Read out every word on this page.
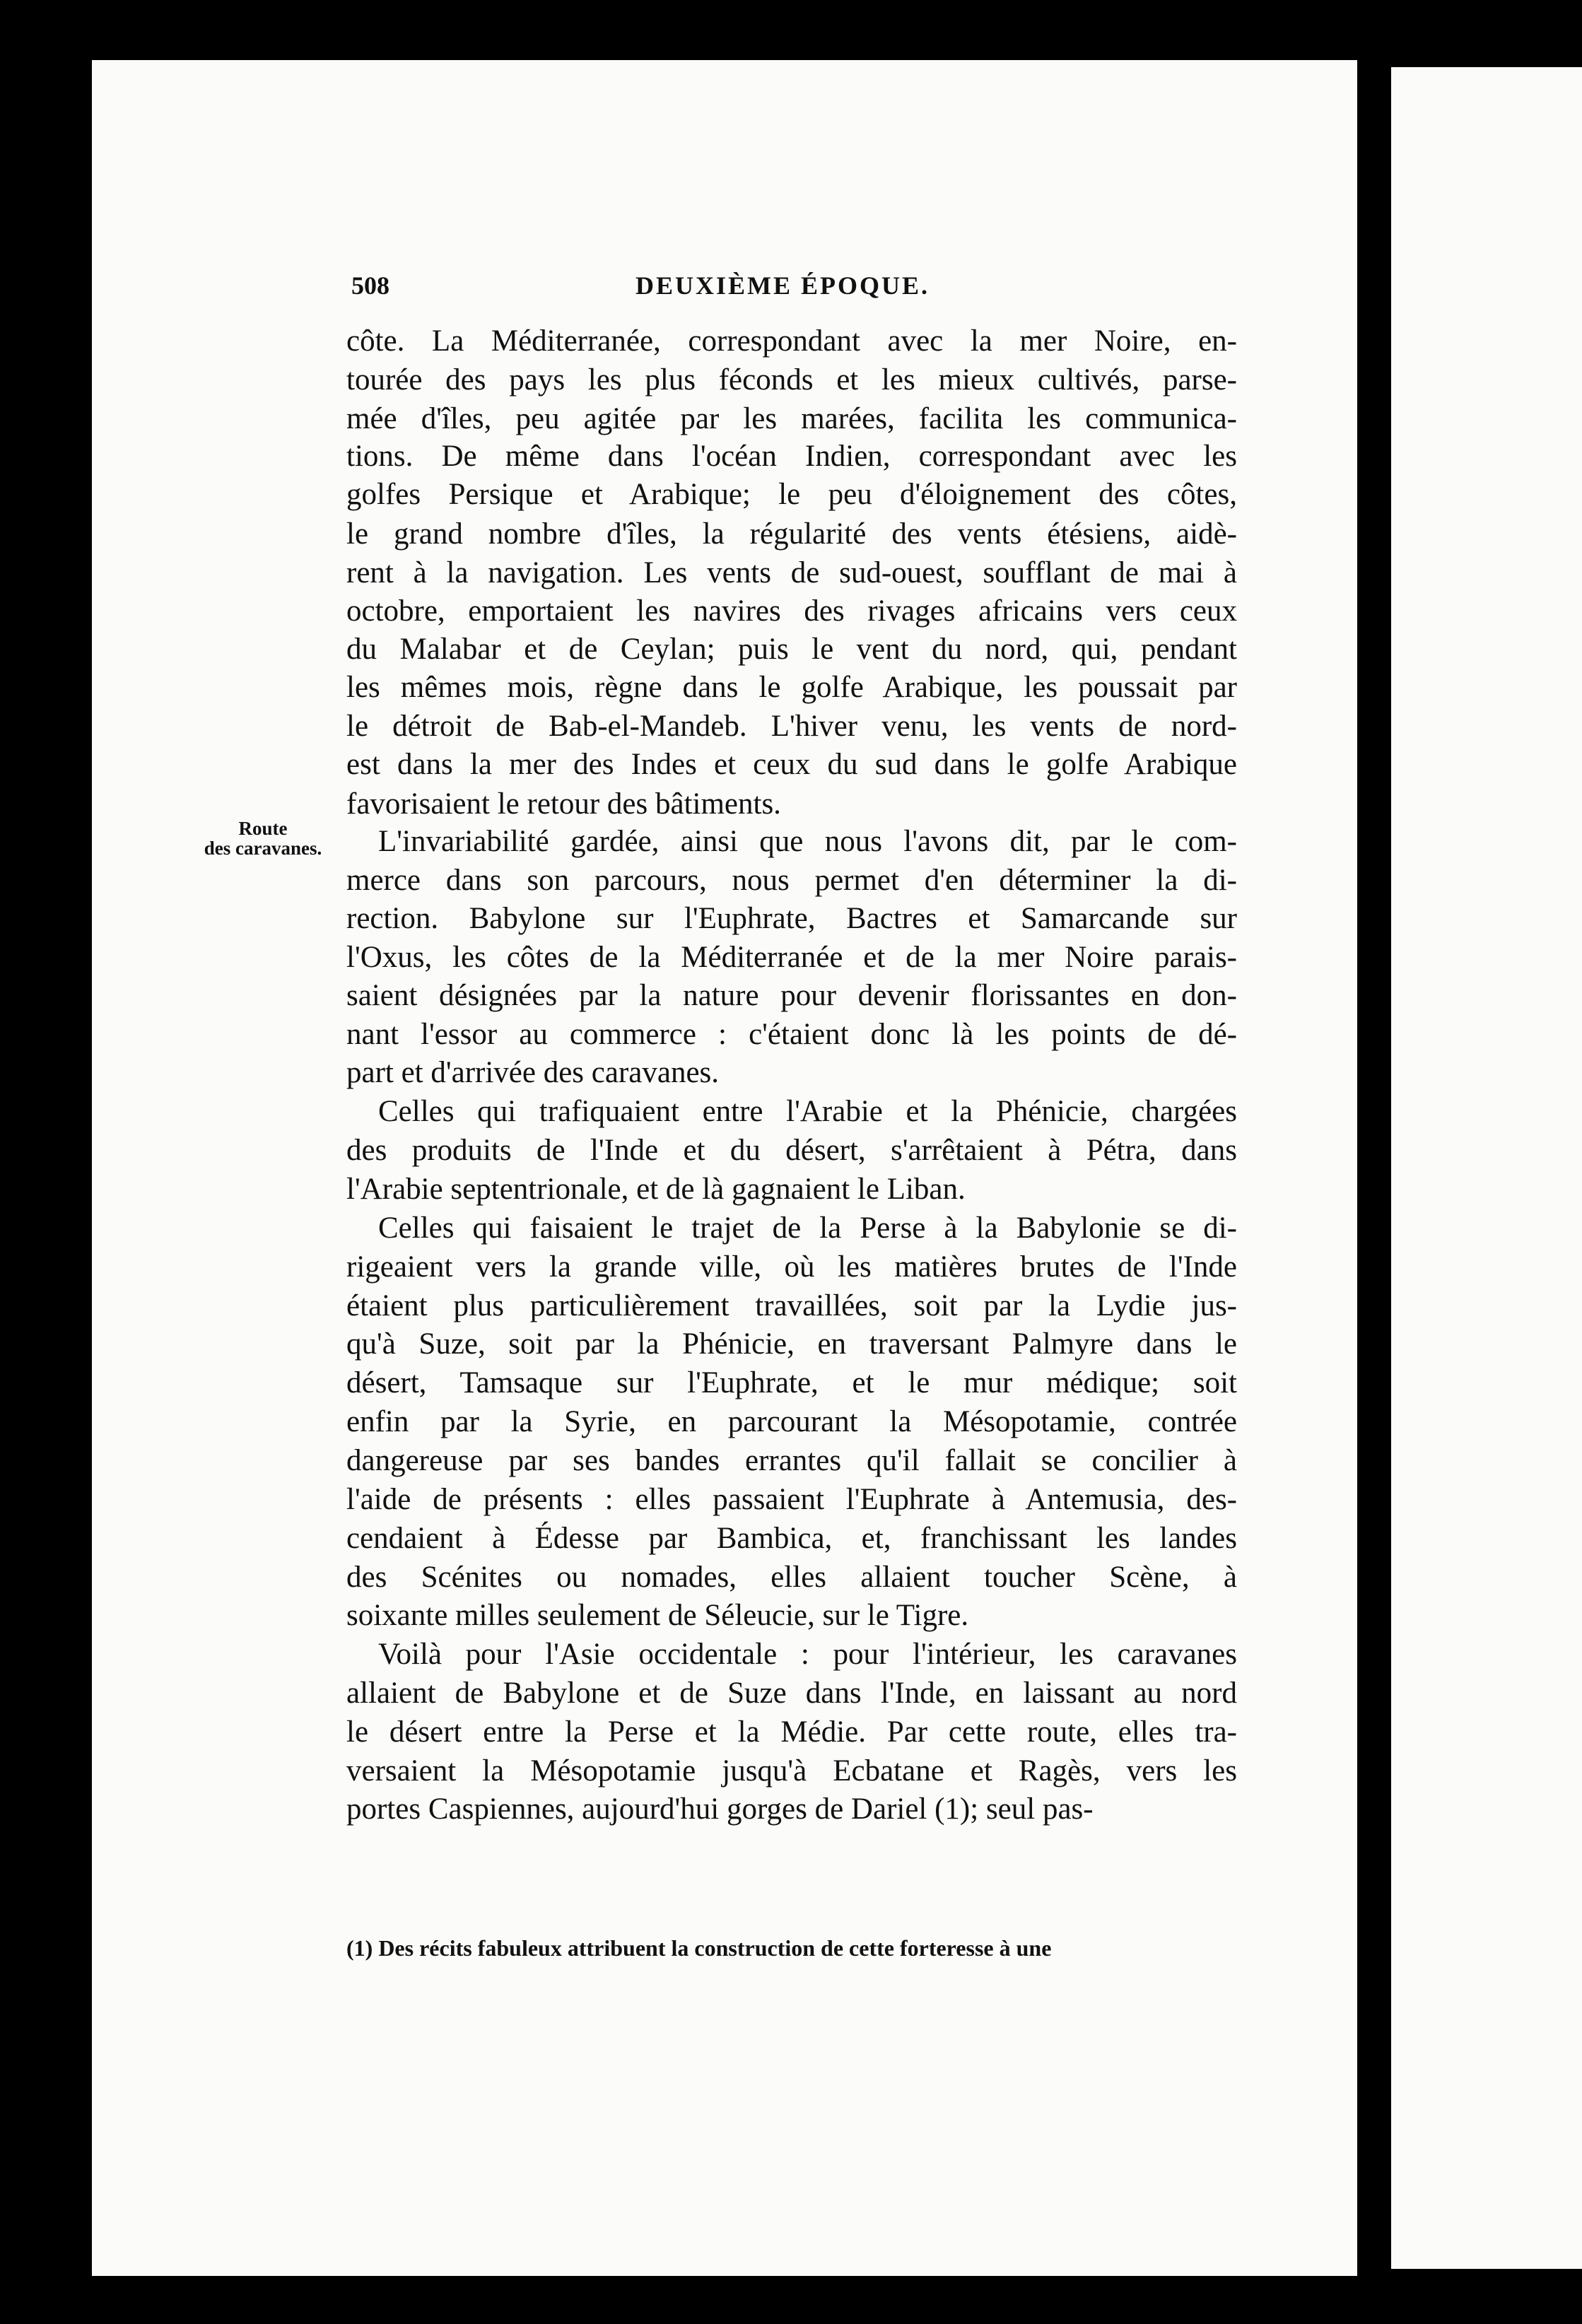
508	DEUXIÈME ÉPOQUE.
Route
des caravanes.
côte. La Méditerranée, correspondant avec la mer Noire, en-
tourée des pays les plus féconds et les mieux cultivés, parse-
mée d'îles, peu agitée par les marées, facilita les communica-
tions. De même dans l'océan Indien, correspondant avec les
golfes Persique et Arabique; le peu d'éloignement des côtes,
le grand nombre d'îles, la régularité des vents étésiens, aidè-
rent à la navigation. Les vents de sud-ouest, soufflant de mai à
octobre, emportaient les navires des rivages africains vers ceux
du Malabar et de Ceylan; puis le vent du nord, qui, pendant
les mêmes mois, règne dans le golfe Arabique, les poussait par
le détroit de Bab-el-Mandeb. L'hiver venu, les vents de nord-
est dans la mer des Indes et ceux du sud dans le golfe Arabique
favorisaient le retour des bâtiments.
L'invariabilité gardée, ainsi que nous l'avons dit, par le com-
merce dans son parcours, nous permet d'en déterminer la di-
rection. Babylone sur l'Euphrate, Bactres et Samarcande sur
l'Oxus, les côtes de la Méditerranée et de la mer Noire parais-
saient désignées par la nature pour devenir florissantes en don-
nant l'essor au commerce : c'étaient donc là les points de dé-
part et d'arrivée des caravanes.
Celles qui trafiquaient entre l'Arabie et la Phénicie, chargées
des produits de l'Inde et du désert, s'arrêtaient à Pétra, dans
l'Arabie septentrionale, et de là gagnaient le Liban.
Celles qui faisaient le trajet de la Perse à la Babylonie se di-
rigeaient vers la grande ville, où les matières brutes de l'Inde
étaient plus particulièrement travaillées, soit par la Lydie jus-
qu'à Suze, soit par la Phénicie, en traversant Palmyre dans le
désert, Tamsaque sur l'Euphrate, et le mur médique; soit
enfin par la Syrie, en parcourant la Mésopotamie, contrée
dangereuse par ses bandes errantes qu'il fallait se concilier à
l'aide de présents : elles passaient l'Euphrate à Antemusia, des-
cendaient à Édesse par Bambica, et, franchissant les landes
des Scénites ou nomades, elles allaient toucher Scène, à
soixante milles seulement de Séleucie, sur le Tigre.
Voilà pour l'Asie occidentale : pour l'intérieur, les caravanes
allaient de Babylone et de Suze dans l'Inde, en laissant au nord
le désert entre la Perse et la Médie. Par cette route, elles tra-
versaient la Mésopotamie jusqu'à Ecbatane et Ragès, vers les
portes Caspiennes, aujourd'hui gorges de Dariel (1); seul pas-
(1) Des récits fabuleux attribuent la construction de cette forteresse à une
